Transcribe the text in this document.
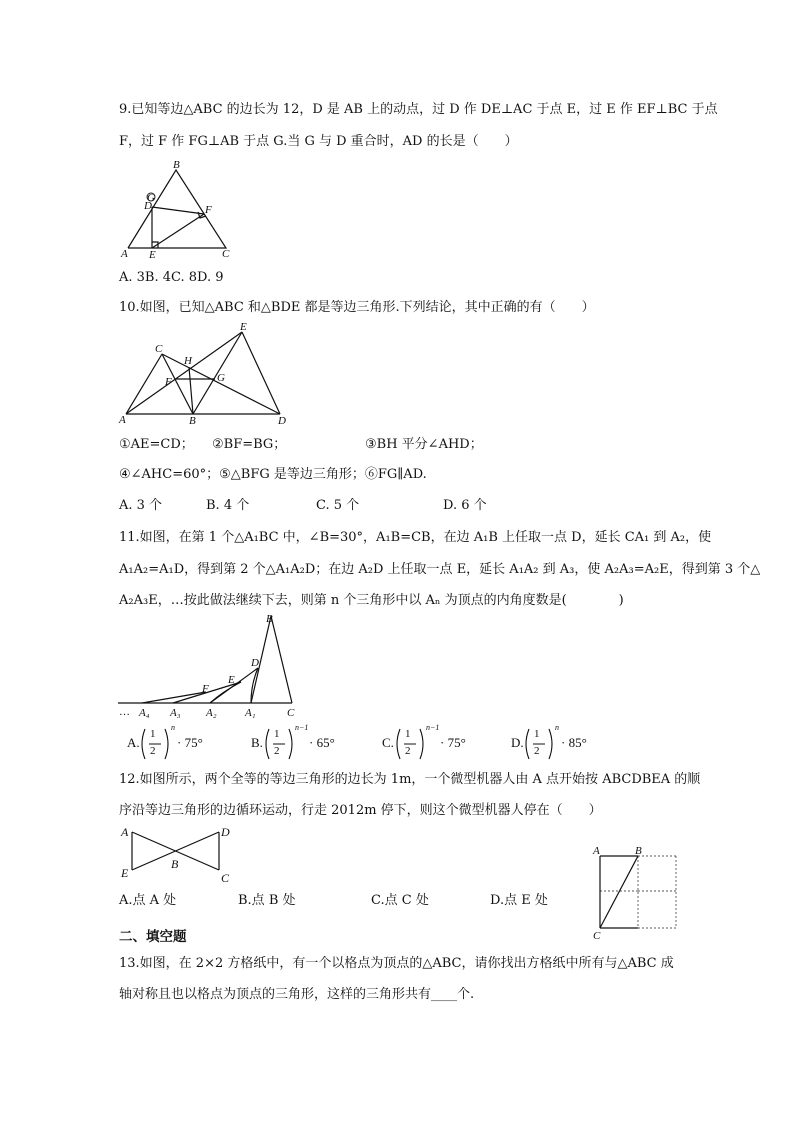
9.已知等边△ABC 的边长为 12，D 是 AB 上的动点，过 D 作 DE⊥AC 于点 E，过 E 作 EF⊥BC 于点
F，过 F 作 FG⊥AB 于点 G.当 G 与 D 重合时，AD 的长是（　　）
B
G
D	F
A E	C
A. 3B. 4C. 8D. 9
10.如图，已知△ABC 和△BDE 都是等边三角形.下列结论，其中正确的有（　　）
C
E
H
F	G
A	B	D
①AE=CD； ②BF=BG；	③BH 平分∠AHD；
④∠AHC=60°；⑤△BFG 是等边三角形；⑥FG∥AD.
A. 3 个	B. 4 个	C. 5 个	D. 6 个
11.如图，在第 1 个△A₁BC 中，∠B=30°，A₁B=CB，在边 A₁B 上任取一点 D，延长 CA₁ 到 A₂，使
A₁A₂=A₁D，得到第 2 个△A₁A₂D；在边 A₂D 上任取一点 E，延长 A₁A₂ 到 A₃，使 A₂A₃=A₂E，得到第 3 个△
A₂A₃E，…按此做法继续下去，则第 n 个三角形中以 Aₙ 为顶点的内角度数是(　　　　)
B
D
E
F
… A₄ A₃ A₂	A₁	C
A.
1
2
n
· 75°	B.
1
2
n−1
· 65°	C.
1
2
n−1
· 75°	D.
1
2
n
· 85°
12.如图所示，两个全等的等边三角形的边长为 1m，一个微型机器人由 A 点开始按 ABCDBEA 的顺
序沿等边三角形的边循环运动，行走 2012m 停下，则这个微型机器人停在（　　）
A
E
B
D
C
A.点 A 处	B.点 B 处	C.点 C 处	D.点 E 处
A	B
C
二、填空题
13.如图，在 2×2 方格纸中，有一个以格点为顶点的△ABC，请你找出方格纸中所有与△ABC 成
轴对称且也以格点为顶点的三角形，这样的三角形共有____个.
